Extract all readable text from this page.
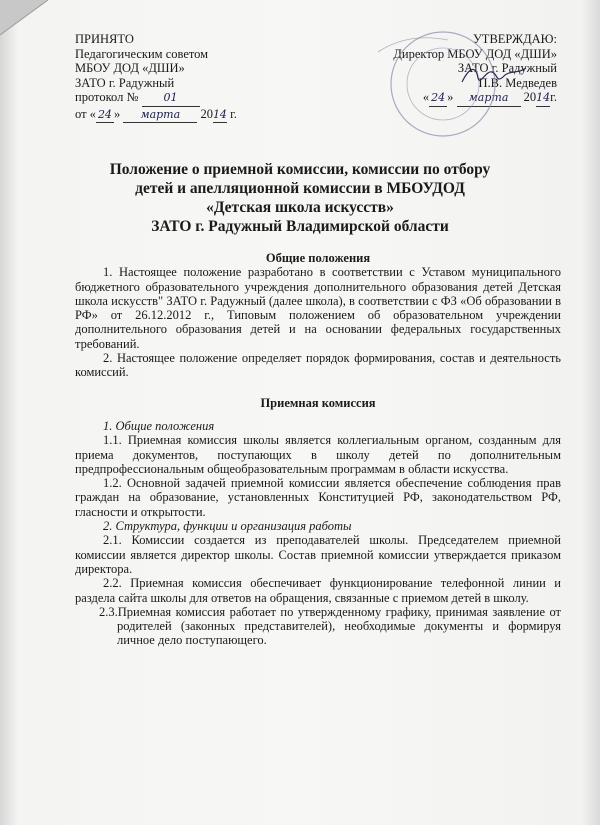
ПРИНЯТО
Педагогическим советом
МБОУ ДОД «ДШИ»
ЗАТО г. Радужный
протокол № 01
от « 24 » марта 2014 г.
УТВЕРЖДАЮ:
Директор МБОУ ДОД «ДШИ»
ЗАТО г. Радужный
П.В. Медведев
« 24 » марта 2014г.
Положение о приемной комиссии, комиссии по отбору
детей и апелляционной комиссии в МБОУДОД
«Детская школа искусств»
ЗАТО г. Радужный Владимирской области

Общие положения

1. Настоящее положение разработано в соответствии с Уставом муниципального бюджетного образовательного учреждения дополнительного образования детей Детская школа искусств" ЗАТО г. Радужный (далее школа), в соответствии с ФЗ «Об образовании в РФ» от 26.12.2012 г., Типовым положением об образовательном учреждении дополнительного образования детей и на основании федеральных государственных требований.

2. Настоящее положение определяет порядок формирования, состав и деятельность комиссий.

Приемная комиссия

1. Общие положения

1.1. Приемная комиссия школы является коллегиальным органом, созданным для приема документов, поступающих в школу детей по дополнительным предпрофессиональным общеобразовательным программам в области искусства.

1.2. Основной задачей приемной комиссии является обеспечение соблюдения прав граждан на образование, установленных Конституцией РФ, законодательством РФ, гласности и открытости.

2. Структура, функции и организация работы

2.1. Комиссии создается из преподавателей школы. Председателем приемной комиссии является директор школы. Состав приемной комиссии утверждается приказом директора.

2.2. Приемная комиссия обеспечивает функционирование телефонной линии и раздела сайта школы для ответов на обращения, связанные с приемом детей в школу.

2.3.Приемная комиссия работает по утвержденному графику, принимая заявление от родителей (законных представителей), необходимые документы и формируя личное дело поступающего.
